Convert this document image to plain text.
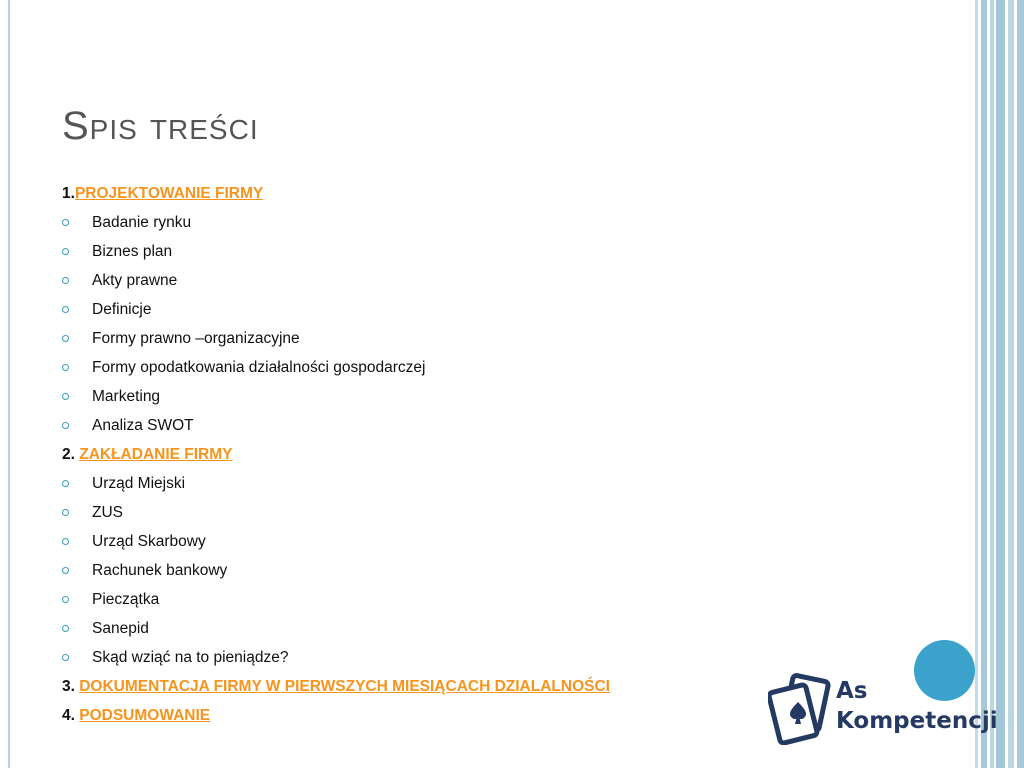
Spis treści
1.PROJEKTOWANIE FIRMY
Badanie rynku
Biznes plan
Akty prawne
Definicje
Formy prawno –organizacyjne
Formy opodatkowania działalności gospodarczej
Marketing
Analiza SWOT
2. ZAKŁADANIE FIRMY
Urząd Miejski
ZUS
Urząd Skarbowy
Rachunek bankowy
Pieczątka
Sanepid
Skąd wziąć na to pieniądze?
3. DOKUMENTACJA FIRMY W PIERWSZYCH MIESIĄCACH DZIALALNOŚCI
4. PODSUMOWANIE
As
Kompetencji
